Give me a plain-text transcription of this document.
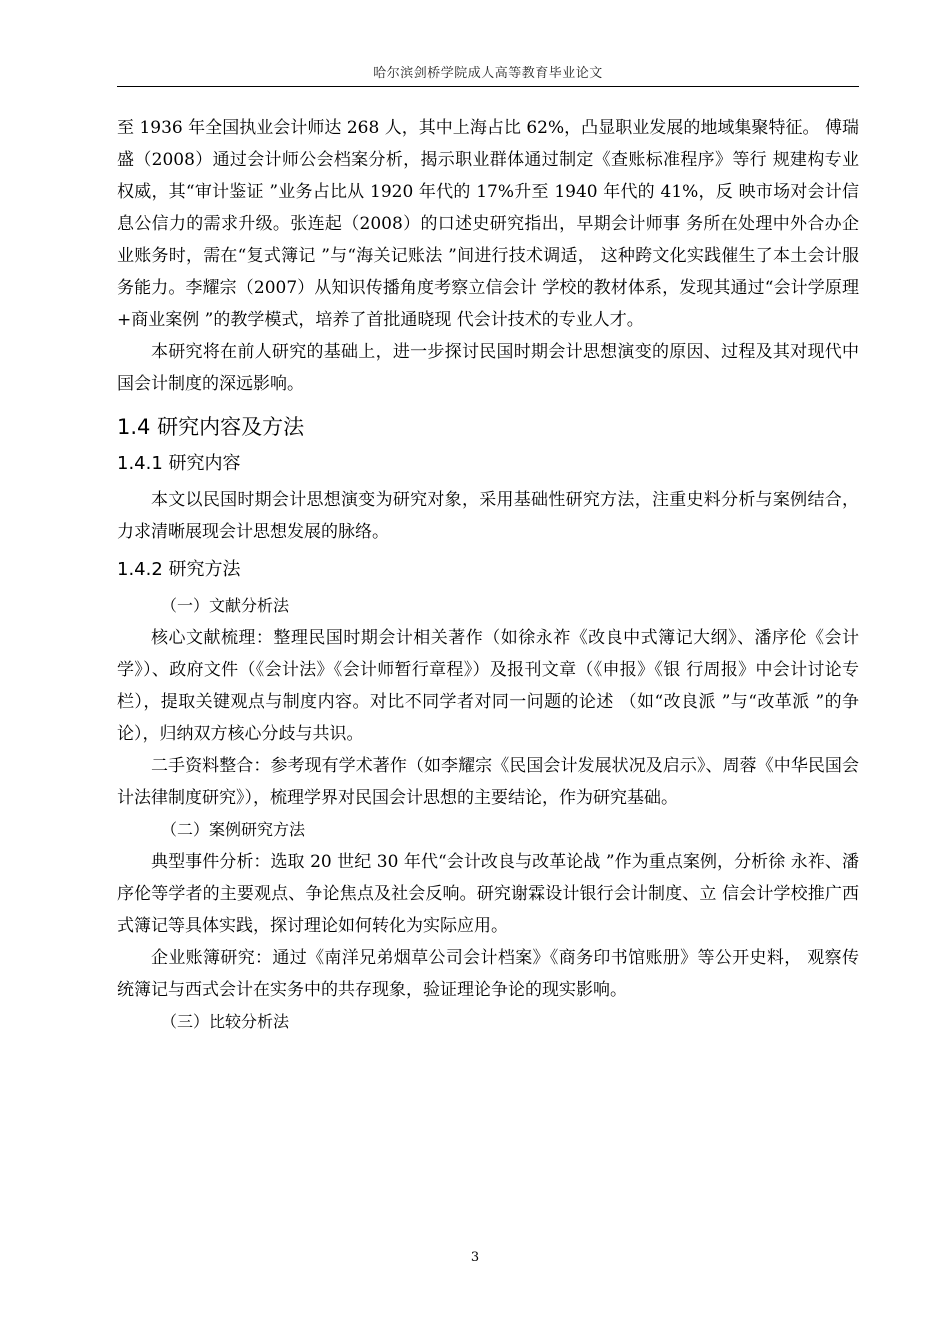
哈尔滨剑桥学院成人高等教育毕业论文

至 1936 年全国执业会计师达 268 人，其中上海占比 62%，凸显职业发展的地域集聚特征。 傅瑞盛（2008）通过会计师公会档案分析，揭示职业群体通过制定《查账标准程序》等行 规建构专业权威，其“审计鉴证 ”业务占比从 1920 年代的 17%升至 1940 年代的 41%，反 映市场对会计信息公信力的需求升级。张连起（2008）的口述史研究指出，早期会计师事 务所在处理中外合办企业账务时，需在“复式簿记 ”与“海关记账法 ”间进行技术调适， 这种跨文化实践催生了本土会计服务能力。李耀宗（2007）从知识传播角度考察立信会计 学校的教材体系，发现其通过“会计学原理+商业案例 ”的教学模式，培养了首批通晓现 代会计技术的专业人才。

本研究将在前人研究的基础上，进一步探讨民国时期会计思想演变的原因、过程及其对现代中国会计制度的深远影响。

1.4 研究内容及方法
1.4.1 研究内容

本文以民国时期会计思想演变为研究对象，采用基础性研究方法，注重史料分析与案例结合，力求清晰展现会计思想发展的脉络。

1.4.2 研究方法

（一）文献分析法

核心文献梳理：整理民国时期会计相关著作（如徐永祚《改良中式簿记大纲》、潘序伦《会计学》）、政府文件（《会计法》《会计师暂行章程》）及报刊文章（《申报》《银 行周报》中会计讨论专栏），提取关键观点与制度内容。对比不同学者对同一问题的论述 （如“改良派 ”与“改革派 ”的争论），归纳双方核心分歧与共识。

二手资料整合：参考现有学术著作（如李耀宗《民国会计发展状况及启示》、周蓉《中华民国会计法律制度研究》），梳理学界对民国会计思想的主要结论，作为研究基础。

（二）案例研究方法

典型事件分析：选取 20 世纪 30 年代“会计改良与改革论战 ”作为重点案例，分析徐 永祚、潘序伦等学者的主要观点、争论焦点及社会反响。研究谢霖设计银行会计制度、立 信会计学校推广西式簿记等具体实践，探讨理论如何转化为实际应用。

企业账簿研究：通过《南洋兄弟烟草公司会计档案》《商务印书馆账册》等公开史料， 观察传统簿记与西式会计在实务中的共存现象，验证理论争论的现实影响。

（三）比较分析法

3
